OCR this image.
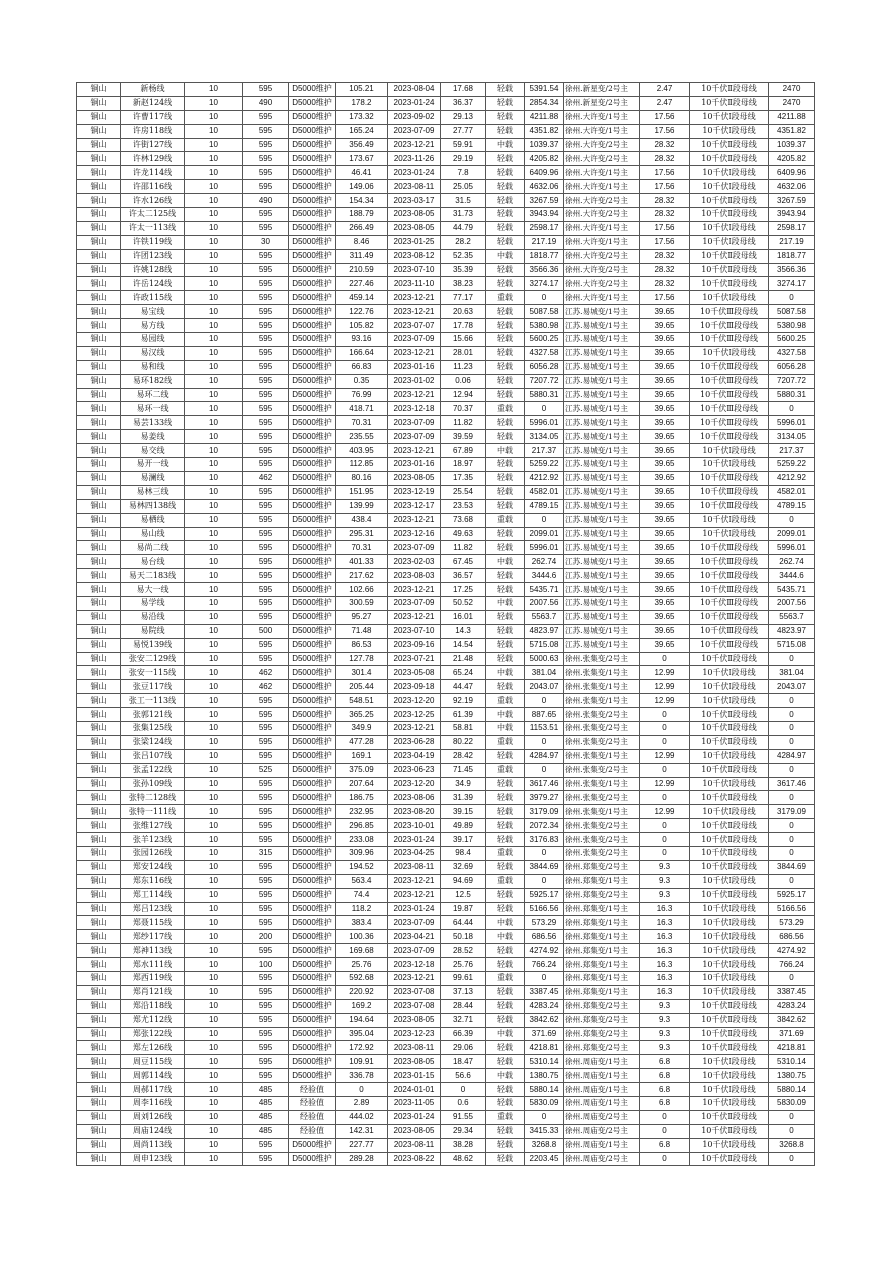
铜山	新杨线	10	595	D5000维护	105.21	2023-08-04	17.68	轻载	5391.54	徐州.新星变/2号主	2.47	10千伏Ⅱ段母线	2470
铜山	新赵124线	10	490	D5000维护	178.2	2023-01-24	36.37	轻载	2854.34	徐州.新星变/2号主	2.47	10千伏Ⅱ段母线	2470
铜山	许曹117线	10	595	D5000维护	173.32	2023-09-02	29.13	轻载	4211.88	徐州.大许变/1号主	17.56	10千伏Ⅰ段母线	4211.88
铜山	许房118线	10	595	D5000维护	165.24	2023-07-09	27.77	轻载	4351.82	徐州.大许变/1号主	17.56	10千伏Ⅰ段母线	4351.82
铜山	许街127线	10	595	D5000维护	356.49	2023-12-21	59.91	中载	1039.37	徐州.大许变/2号主	28.32	10千伏Ⅱ段母线	1039.37
铜山	许林129线	10	595	D5000维护	173.67	2023-11-26	29.19	轻载	4205.82	徐州.大许变/2号主	28.32	10千伏Ⅱ段母线	4205.82
铜山	许龙114线	10	595	D5000维护	46.41	2023-01-24	7.8	轻载	6409.96	徐州.大许变/1号主	17.56	10千伏Ⅰ段母线	6409.96
铜山	许邵116线	10	595	D5000维护	149.06	2023-08-11	25.05	轻载	4632.06	徐州.大许变/1号主	17.56	10千伏Ⅰ段母线	4632.06
铜山	许水126线	10	490	D5000维护	154.34	2023-03-17	31.5	轻载	3267.59	徐州.大许变/2号主	28.32	10千伏Ⅱ段母线	3267.59
铜山	许太二125线	10	595	D5000维护	188.79	2023-08-05	31.73	轻载	3943.94	徐州.大许变/2号主	28.32	10千伏Ⅱ段母线	3943.94
铜山	许太一113线	10	595	D5000维护	266.49	2023-08-05	44.79	轻载	2598.17	徐州.大许变/1号主	17.56	10千伏Ⅰ段母线	2598.17
铜山	许铁119线	10	30	D5000维护	8.46	2023-01-25	28.2	轻载	217.19	徐州.大许变/1号主	17.56	10千伏Ⅰ段母线	217.19
铜山	许团123线	10	595	D5000维护	311.49	2023-08-12	52.35	中载	1818.77	徐州.大许变/2号主	28.32	10千伏Ⅱ段母线	1818.77
铜山	许姚128线	10	595	D5000维护	210.59	2023-07-10	35.39	轻载	3566.36	徐州.大许变/2号主	28.32	10千伏Ⅱ段母线	3566.36
铜山	许岳124线	10	595	D5000维护	227.46	2023-11-10	38.23	轻载	3274.17	徐州.大许变/2号主	28.32	10千伏Ⅱ段母线	3274.17
铜山	许政115线	10	595	D5000维护	459.14	2023-12-21	77.17	重载	0	徐州.大许变/1号主	17.56	10千伏Ⅰ段母线	0
铜山	易宝线	10	595	D5000维护	122.76	2023-12-21	20.63	轻载	5087.58	江苏.易城变/1号主	39.65	10千伏Ⅲ段母线	5087.58
铜山	易方线	10	595	D5000维护	105.82	2023-07-07	17.78	轻载	5380.98	江苏.易城变/1号主	39.65	10千伏Ⅲ段母线	5380.98
铜山	易园线	10	595	D5000维护	93.16	2023-07-09	15.66	轻载	5600.25	江苏.易城变/1号主	39.65	10千伏Ⅲ段母线	5600.25
铜山	易汉线	10	595	D5000维护	166.64	2023-12-21	28.01	轻载	4327.58	江苏.易城变/1号主	39.65	10千伏Ⅰ段母线	4327.58
铜山	易和线	10	595	D5000维护	66.83	2023-01-16	11.23	轻载	6056.28	江苏.易城变/1号主	39.65	10千伏Ⅲ段母线	6056.28
铜山	易环182线	10	595	D5000维护	0.35	2023-01-02	0.06	轻载	7207.72	江苏.易城变/1号主	39.65	10千伏Ⅲ段母线	7207.72
铜山	易环二线	10	595	D5000维护	76.99	2023-12-21	12.94	轻载	5880.31	江苏.易城变/1号主	39.65	10千伏Ⅲ段母线	5880.31
铜山	易环一线	10	595	D5000维护	418.71	2023-12-18	70.37	重载	0	江苏.易城变/1号主	39.65	10千伏Ⅲ段母线	0
铜山	易芸133线	10	595	D5000维护	70.31	2023-07-09	11.82	轻载	5996.01	江苏.易城变/1号主	39.65	10千伏Ⅲ段母线	5996.01
铜山	易姜线	10	595	D5000维护	235.55	2023-07-09	39.59	轻载	3134.05	江苏.易城变/1号主	39.65	10千伏Ⅲ段母线	3134.05
铜山	易交线	10	595	D5000维护	403.95	2023-12-21	67.89	中载	217.37	江苏.易城变/1号主	39.65	10千伏Ⅰ段母线	217.37
铜山	易开一线	10	595	D5000维护	112.85	2023-01-16	18.97	轻载	5259.22	江苏.易城变/1号主	39.65	10千伏Ⅰ段母线	5259.22
铜山	易澜线	10	462	D5000维护	80.16	2023-08-05	17.35	轻载	4212.92	江苏.易城变/1号主	39.65	10千伏Ⅲ段母线	4212.92
铜山	易林三线	10	595	D5000维护	151.95	2023-12-19	25.54	轻载	4582.01	江苏.易城变/1号主	39.65	10千伏Ⅲ段母线	4582.01
铜山	易林四138线	10	595	D5000维护	139.99	2023-12-17	23.53	轻载	4789.15	江苏.易城变/1号主	39.65	10千伏Ⅲ段母线	4789.15
铜山	易栖线	10	595	D5000维护	438.4	2023-12-21	73.68	重载	0	江苏.易城变/1号主	39.65	10千伏Ⅰ段母线	0
铜山	易山线	10	595	D5000维护	295.31	2023-12-16	49.63	轻载	2099.01	江苏.易城变/1号主	39.65	10千伏Ⅰ段母线	2099.01
铜山	易尚二线	10	595	D5000维护	70.31	2023-07-09	11.82	轻载	5996.01	江苏.易城变/1号主	39.65	10千伏Ⅲ段母线	5996.01
铜山	易台线	10	595	D5000维护	401.33	2023-02-03	67.45	中载	262.74	江苏.易城变/1号主	39.65	10千伏Ⅲ段母线	262.74
铜山	易天二183线	10	595	D5000维护	217.62	2023-08-03	36.57	轻载	3444.6	江苏.易城变/1号主	39.65	10千伏Ⅲ段母线	3444.6
铜山	易大一线	10	595	D5000维护	102.66	2023-12-21	17.25	轻载	5435.71	江苏.易城变/1号主	39.65	10千伏Ⅲ段母线	5435.71
铜山	易学线	10	595	D5000维护	300.59	2023-07-09	50.52	中载	2007.56	江苏.易城变/1号主	39.65	10千伏Ⅲ段母线	2007.56
铜山	易沿线	10	595	D5000维护	95.27	2023-12-21	16.01	轻载	5563.7	江苏.易城变/1号主	39.65	10千伏Ⅲ段母线	5563.7
铜山	易院线	10	500	D5000维护	71.48	2023-07-10	14.3	轻载	4823.97	江苏.易城变/1号主	39.65	10千伏Ⅲ段母线	4823.97
铜山	易悦139线	10	595	D5000维护	86.53	2023-09-16	14.54	轻载	5715.08	江苏.易城变/1号主	39.65	10千伏Ⅲ段母线	5715.08
铜山	张安二129线	10	595	D5000维护	127.78	2023-07-21	21.48	轻载	5000.63	徐州.张集变/2号主	0	10千伏Ⅱ段母线	0
铜山	张安一115线	10	462	D5000维护	301.4	2023-05-08	65.24	中载	381.04	徐州.张集变/1号主	12.99	10千伏Ⅰ段母线	381.04
铜山	张豆117线	10	462	D5000维护	205.44	2023-09-18	44.47	轻载	2043.07	徐州.张集变/1号主	12.99	10千伏Ⅰ段母线	2043.07
铜山	张工一113线	10	595	D5000维护	548.51	2023-12-20	92.19	重载	0	徐州.张集变/1号主	12.99	10千伏Ⅰ段母线	0
铜山	张郭121线	10	595	D5000维护	365.25	2023-12-25	61.39	中载	887.65	徐州.张集变/2号主	0	10千伏Ⅱ段母线	0
铜山	张集125线	10	595	D5000维护	349.9	2023-12-21	58.81	中载	1153.51	徐州.张集变/2号主	0	10千伏Ⅱ段母线	0
铜山	张梁124线	10	595	D5000维护	477.28	2023-06-28	80.22	重载	0	徐州.张集变/2号主	0	10千伏Ⅱ段母线	0
铜山	张吕107线	10	595	D5000维护	169.1	2023-04-19	28.42	轻载	4284.97	徐州.张集变/1号主	12.99	10千伏Ⅰ段母线	4284.97
铜山	张孟122线	10	525	D5000维护	375.09	2023-06-23	71.45	重载	0	徐州.张集变/2号主	0	10千伏Ⅱ段母线	0
铜山	张孙109线	10	595	D5000维护	207.64	2023-12-20	34.9	轻载	3617.46	徐州.张集变/1号主	12.99	10千伏Ⅰ段母线	3617.46
铜山	张特二128线	10	595	D5000维护	186.75	2023-08-06	31.39	轻载	3979.27	徐州.张集变/2号主	0	10千伏Ⅱ段母线	0
铜山	张特一111线	10	595	D5000维护	232.95	2023-08-20	39.15	轻载	3179.09	徐州.张集变/1号主	12.99	10千伏Ⅰ段母线	3179.09
铜山	张维127线	10	595	D5000维护	296.85	2023-10-01	49.89	轻载	2072.34	徐州.张集变/2号主	0	10千伏Ⅱ段母线	0
铜山	张羊123线	10	595	D5000维护	233.08	2023-01-24	39.17	轻载	3176.83	徐州.张集变/2号主	0	10千伏Ⅱ段母线	0
铜山	张园126线	10	315	D5000维护	309.96	2023-04-25	98.4	重载	0	徐州.张集变/2号主	0	10千伏Ⅱ段母线	0
铜山	郑安124线	10	595	D5000维护	194.52	2023-08-11	32.69	轻载	3844.69	徐州.郑集变/2号主	9.3	10千伏Ⅱ段母线	3844.69
铜山	郑东116线	10	595	D5000维护	563.4	2023-12-21	94.69	重载	0	徐州.郑集变/1号主	9.3	10千伏Ⅰ段母线	0
铜山	郑工114线	10	595	D5000维护	74.4	2023-12-21	12.5	轻载	5925.17	徐州.郑集变/2号主	9.3	10千伏Ⅱ段母线	5925.17
铜山	郑吕123线	10	595	D5000维护	118.2	2023-01-24	19.87	轻载	5166.56	徐州.郑集变/1号主	16.3	10千伏Ⅰ段母线	5166.56
铜山	郑聂115线	10	595	D5000维护	383.4	2023-07-09	64.44	中载	573.29	徐州.郑集变/1号主	16.3	10千伏Ⅰ段母线	573.29
铜山	郑纱117线	10	200	D5000维护	100.36	2023-04-21	50.18	中载	686.56	徐州.郑集变/1号主	16.3	10千伏Ⅰ段母线	686.56
铜山	郑神113线	10	595	D5000维护	169.68	2023-07-09	28.52	轻载	4274.92	徐州.郑集变/1号主	16.3	10千伏Ⅰ段母线	4274.92
铜山	郑水111线	10	100	D5000维护	25.76	2023-12-18	25.76	轻载	766.24	徐州.郑集变/1号主	16.3	10千伏Ⅰ段母线	766.24
铜山	郑西119线	10	595	D5000维护	592.68	2023-12-21	99.61	重载	0	徐州.郑集变/1号主	16.3	10千伏Ⅰ段母线	0
铜山	郑肖121线	10	595	D5000维护	220.92	2023-07-08	37.13	轻载	3387.45	徐州.郑集变/1号主	16.3	10千伏Ⅰ段母线	3387.45
铜山	郑沿118线	10	595	D5000维护	169.2	2023-07-08	28.44	轻载	4283.24	徐州.郑集变/2号主	9.3	10千伏Ⅱ段母线	4283.24
铜山	郑尤112线	10	595	D5000维护	194.64	2023-08-05	32.71	轻载	3842.62	徐州.郑集变/2号主	9.3	10千伏Ⅱ段母线	3842.62
铜山	郑张122线	10	595	D5000维护	395.04	2023-12-23	66.39	中载	371.69	徐州.郑集变/2号主	9.3	10千伏Ⅱ段母线	371.69
铜山	郑左126线	10	595	D5000维护	172.92	2023-08-11	29.06	轻载	4218.81	徐州.郑集变/2号主	9.3	10千伏Ⅱ段母线	4218.81
铜山	周豆115线	10	595	D5000维护	109.91	2023-08-05	18.47	轻载	5310.14	徐州.周庙变/1号主	6.8	10千伏Ⅰ段母线	5310.14
铜山	周郭114线	10	595	D5000维护	336.78	2023-01-15	56.6	中载	1380.75	徐州.周庙变/1号主	6.8	10千伏Ⅰ段母线	1380.75
铜山	周郝117线	10	485	经验值	0	2024-01-01	0	轻载	5880.14	徐州.周庙变/1号主	6.8	10千伏Ⅰ段母线	5880.14
铜山	周李116线	10	485	经验值	2.89	2023-11-05	0.6	轻载	5830.09	徐州.周庙变/1号主	6.8	10千伏Ⅰ段母线	5830.09
铜山	周刘126线	10	485	经验值	444.02	2023-01-24	91.55	重载	0	徐州.周庙变/2号主	0	10千伏Ⅱ段母线	0
铜山	周庙124线	10	485	经验值	142.31	2023-08-05	29.34	轻载	3415.33	徐州.周庙变/2号主	0	10千伏Ⅱ段母线	0
铜山	周尚113线	10	595	D5000维护	227.77	2023-08-11	38.28	轻载	3268.8	徐州.周庙变/1号主	6.8	10千伏Ⅰ段母线	3268.8
铜山	周申123线	10	595	D5000维护	289.28	2023-08-22	48.62	轻载	2203.45	徐州.周庙变/2号主	0	10千伏Ⅱ段母线	0
